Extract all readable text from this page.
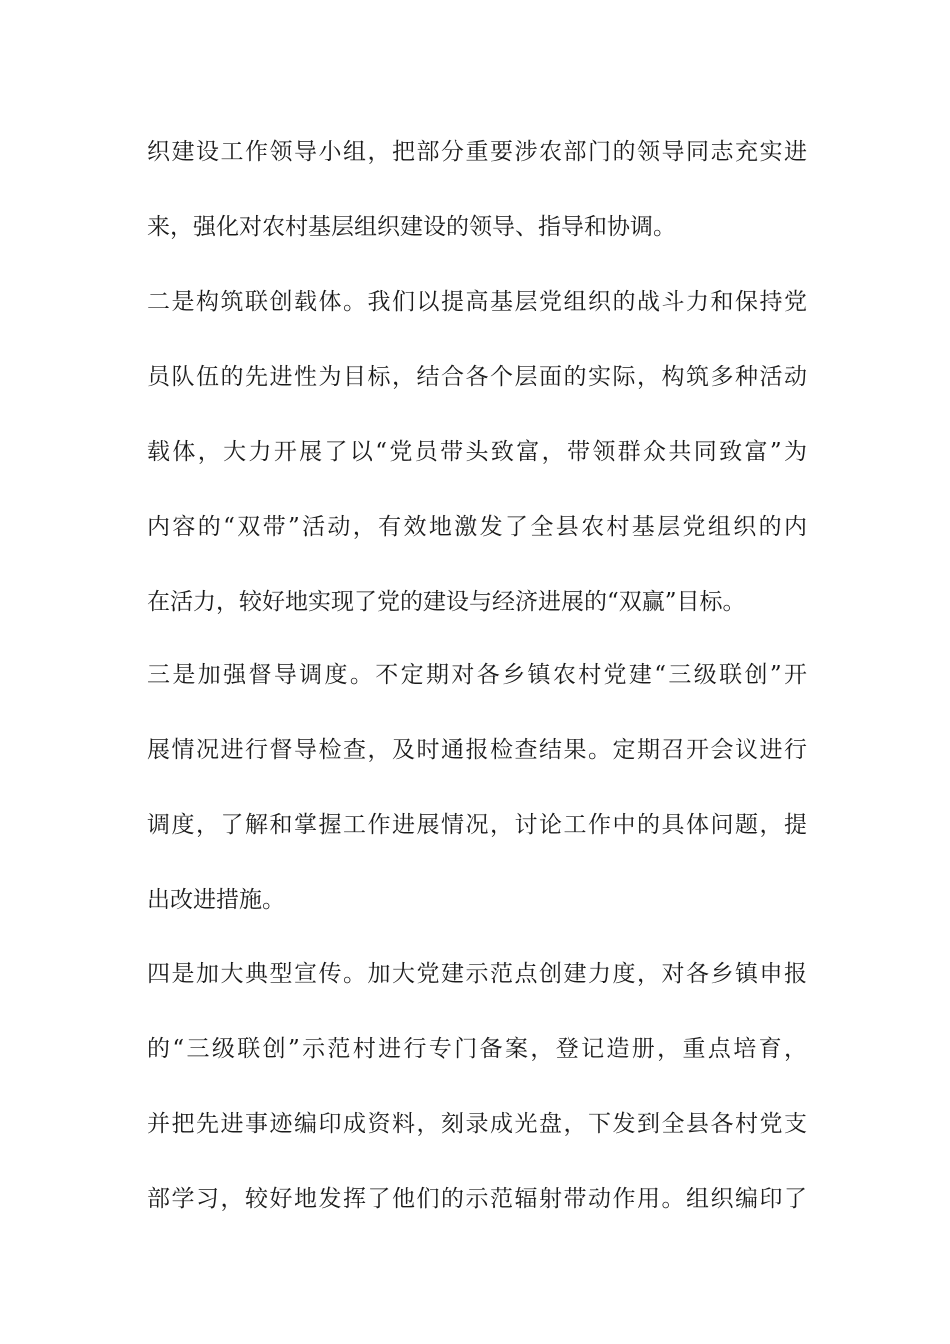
织建设工作领导小组，把部分重要涉农部门的领导同志充实进
来，强化对农村基层组织建设的领导、指导和协调。
二是构筑联创载体。我们以提高基层党组织的战斗力和保持党
员队伍的先进性为目标，结合各个层面的实际，构筑多种活动
载体，大力开展了以“党员带头致富，带领群众共同致富”为
内容的“双带”活动，有效地激发了全县农村基层党组织的内
在活力，较好地实现了党的建设与经济进展的“双赢”目标。
三是加强督导调度。不定期对各乡镇农村党建“三级联创”开
展情况进行督导检查，及时通报检查结果。定期召开会议进行
调度，了解和掌握工作进展情况，讨论工作中的具体问题，提
出改进措施。
四是加大典型宣传。加大党建示范点创建力度，对各乡镇申报
的“三级联创”示范村进行专门备案，登记造册，重点培育，
并把先进事迹编印成资料，刻录成光盘，下发到全县各村党支
部学习，较好地发挥了他们的示范辐射带动作用。组织编印了
